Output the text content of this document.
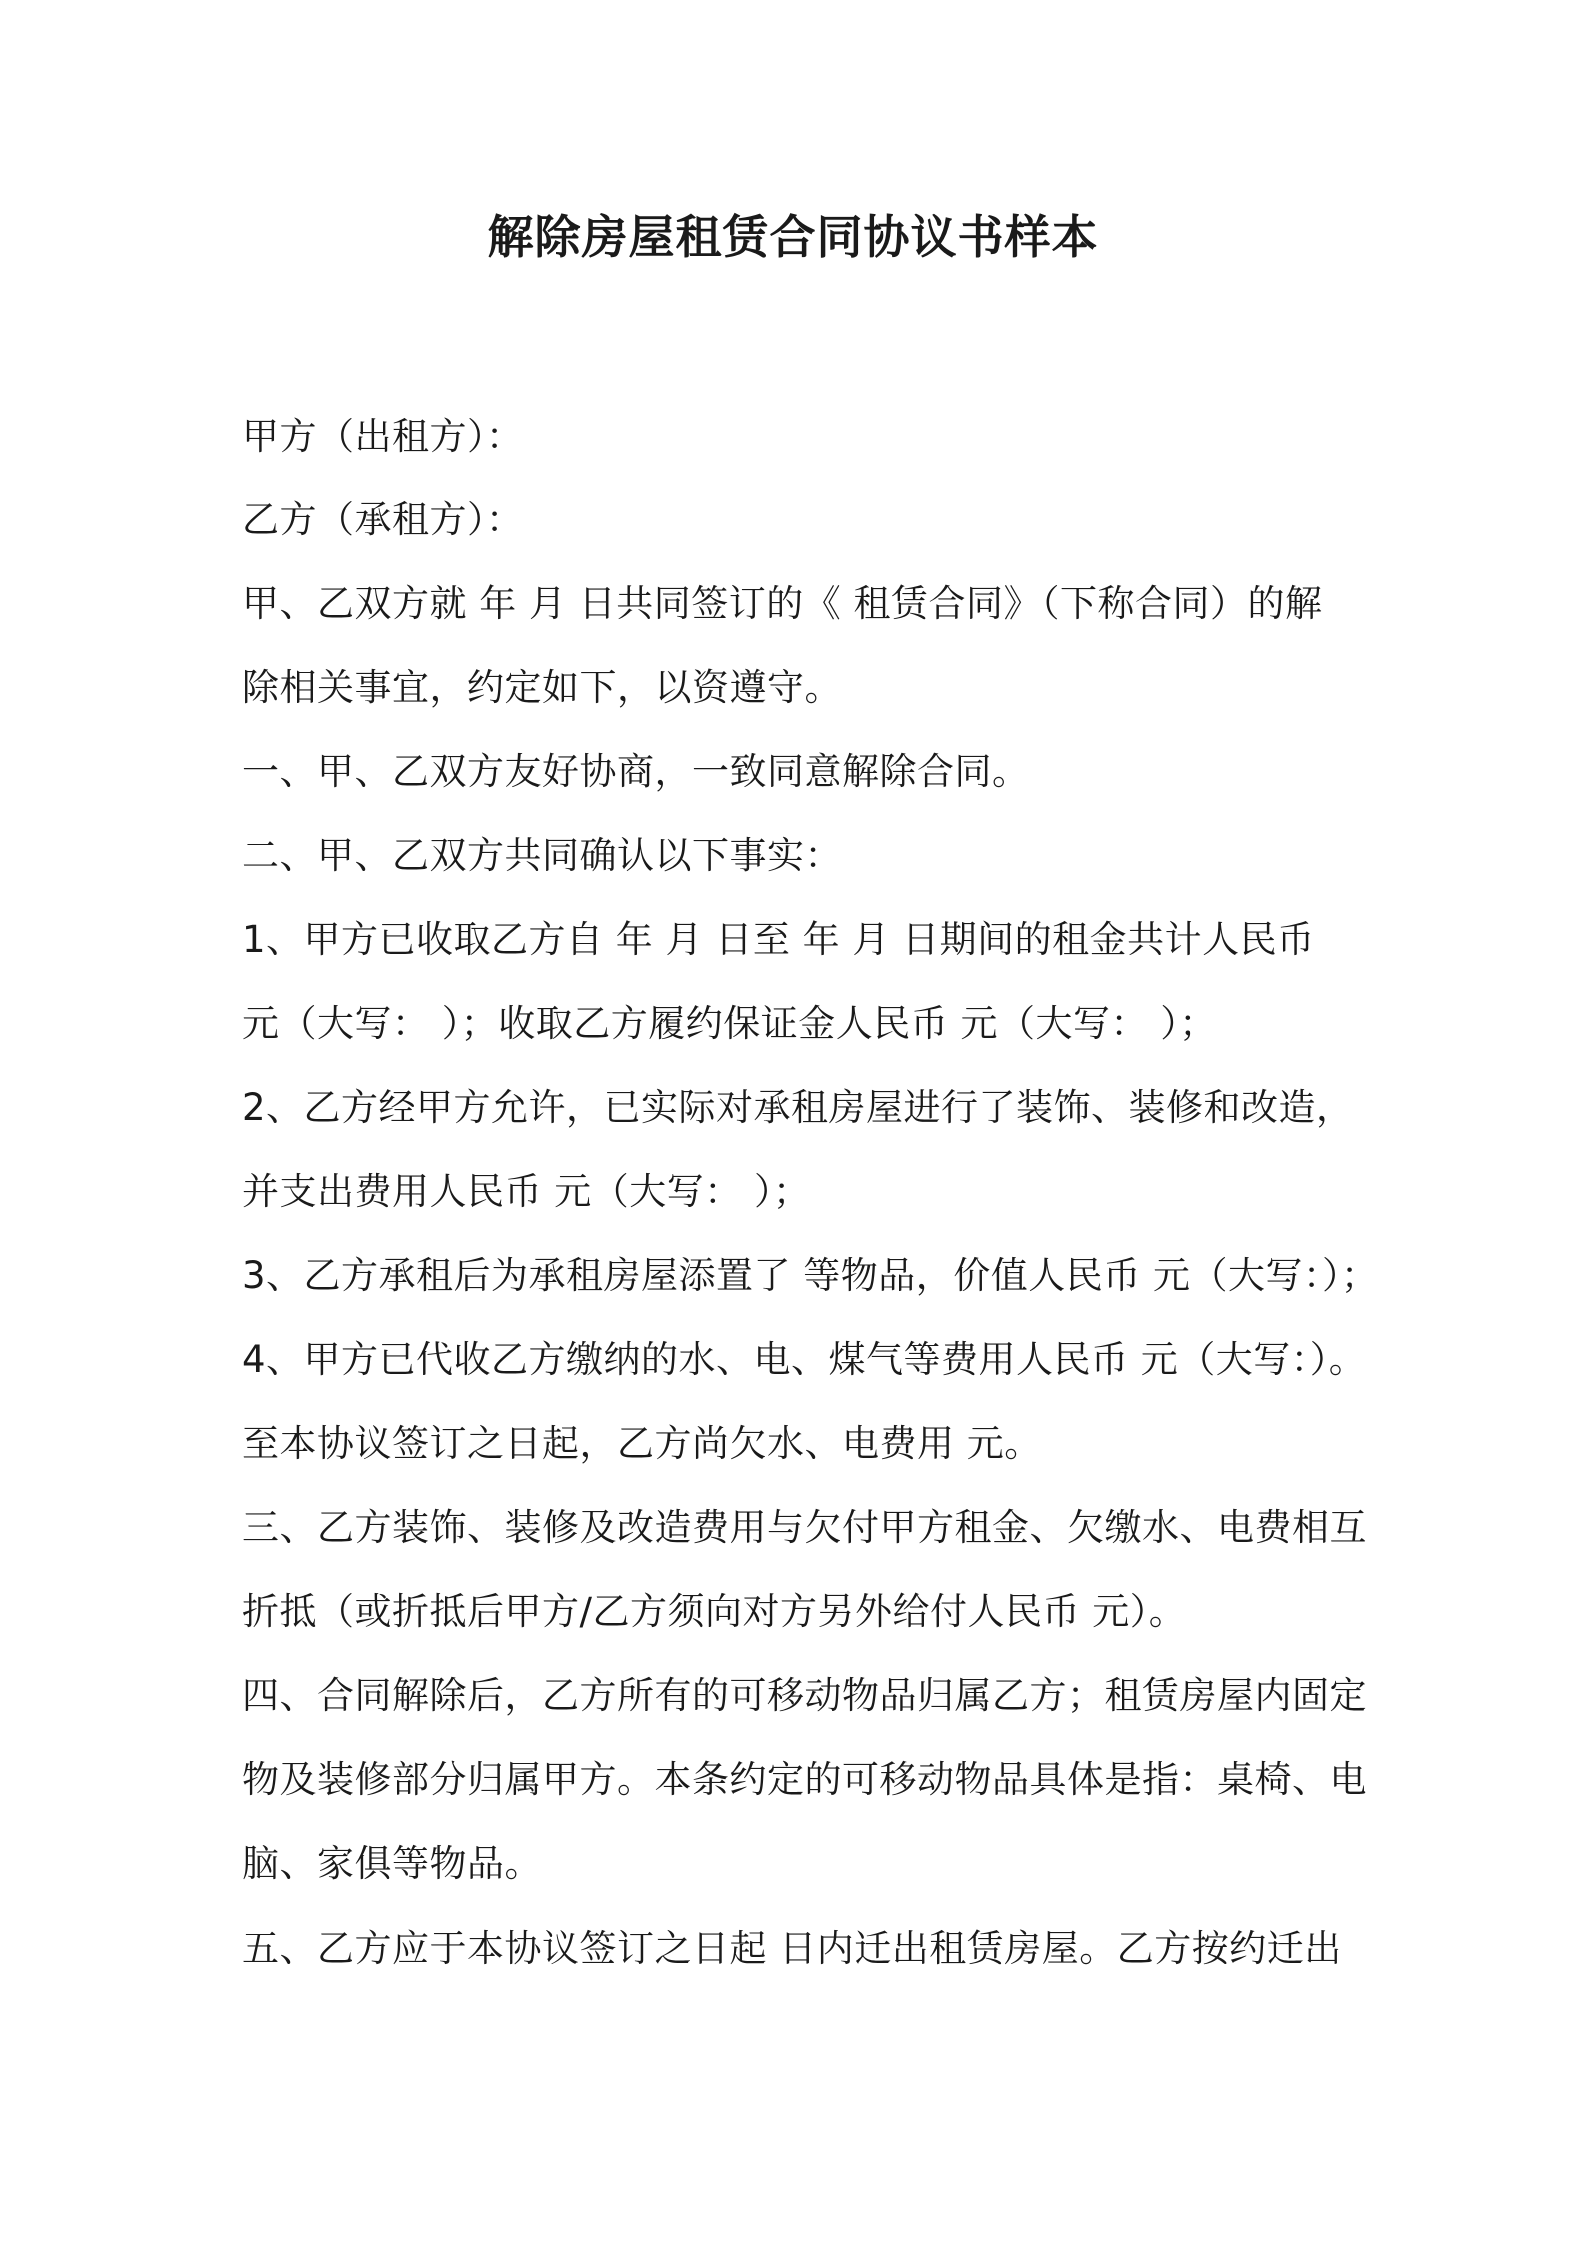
解除房屋租赁合同协议书样本
甲方（出租方）：
乙方（承租方）：
甲、乙双方就 年 月 日共同签订的《 租赁合同》（下称合同）的解
除相关事宜，约定如下，以资遵守。
一、甲、乙双方友好协商，一致同意解除合同。
二、甲、乙双方共同确认以下事实：
1、甲方已收取乙方自 年 月 日至 年 月 日期间的租金共计人民币
元（大写： ）；收取乙方履约保证金人民币 元（大写： ）；
2、乙方经甲方允许，已实际对承租房屋进行了装饰、装修和改造，
并支出费用人民币 元（大写： ）；
3、乙方承租后为承租房屋添置了 等物品，价值人民币 元（大写：）；
4、甲方已代收乙方缴纳的水、电、煤气等费用人民币 元（大写：）。
至本协议签订之日起，乙方尚欠水、电费用 元。
三、乙方装饰、装修及改造费用与欠付甲方租金、欠缴水、电费相互
折抵（或折抵后甲方/乙方须向对方另外给付人民币 元）。
四、合同解除后，乙方所有的可移动物品归属乙方；租赁房屋内固定
物及装修部分归属甲方。本条约定的可移动物品具体是指：桌椅、电
脑、家俱等物品。
五、乙方应于本协议签订之日起 日内迁出租赁房屋。乙方按约迁出
